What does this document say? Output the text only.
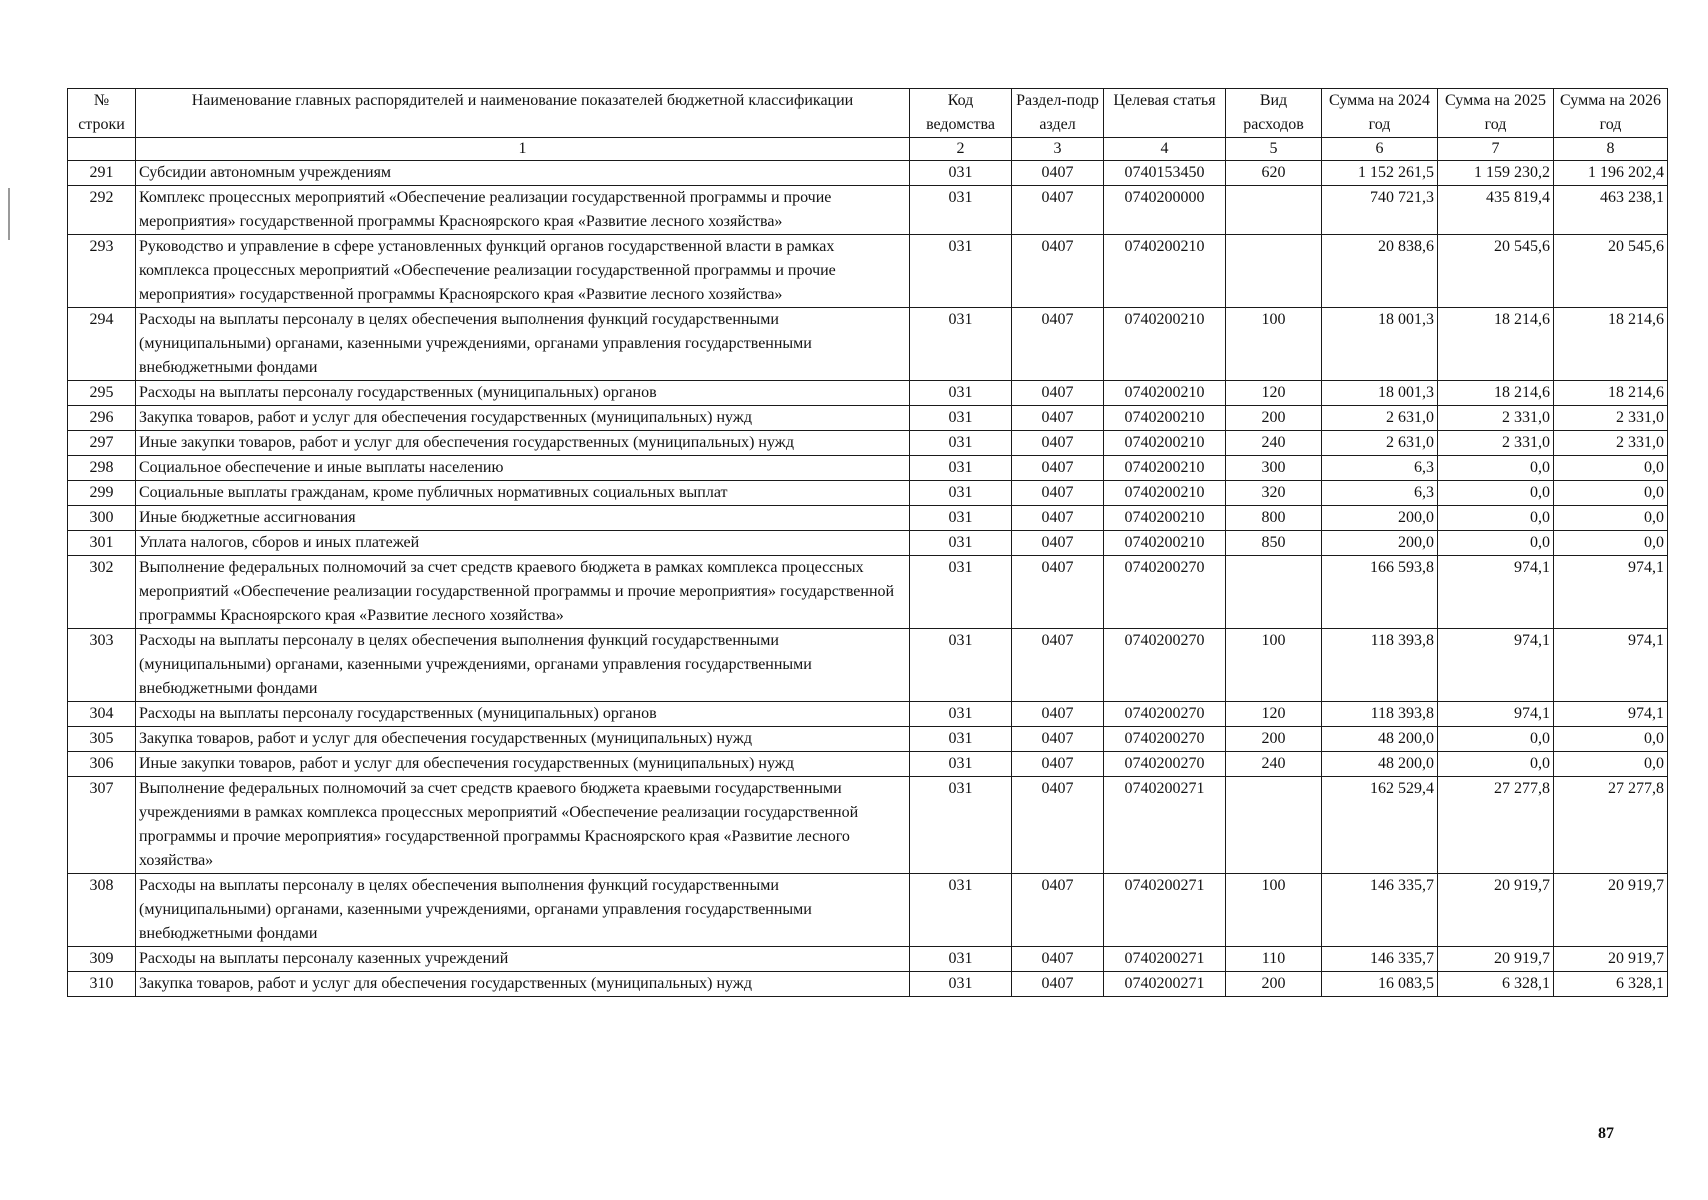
№ строки	Наименование главных распорядителей и наименование показателей бюджетной классификации	Код ведомства	Раздел-подраздел	Целевая статья	Вид расходов	Сумма на 2024 год	Сумма на 2025 год	Сумма на 2026 год
	1	2	3	4	5	6	7	8
291	Субсидии автономным учреждениям	031	0407	0740153450	620	1 152 261,5	1 159 230,2	1 196 202,4
292	Комплекс процессных мероприятий «Обеспечение реализации государственной программы и прочие мероприятия» государственной программы Красноярского края «Развитие лесного хозяйства»	031	0407	0740200000		740 721,3	435 819,4	463 238,1
293	Руководство и управление в сфере установленных функций органов государственной власти в рамках комплекса процессных мероприятий «Обеспечение реализации государственной программы и прочие мероприятия» государственной программы Красноярского края «Развитие лесного хозяйства»	031	0407	0740200210		20 838,6	20 545,6	20 545,6
294	Расходы на выплаты персоналу в целях обеспечения выполнения функций государственными (муниципальными) органами, казенными учреждениями, органами управления государственными внебюджетными фондами	031	0407	0740200210	100	18 001,3	18 214,6	18 214,6
295	Расходы на выплаты персоналу государственных (муниципальных) органов	031	0407	0740200210	120	18 001,3	18 214,6	18 214,6
296	Закупка товаров, работ и услуг для обеспечения государственных (муниципальных) нужд	031	0407	0740200210	200	2 631,0	2 331,0	2 331,0
297	Иные закупки товаров, работ и услуг для обеспечения государственных (муниципальных) нужд	031	0407	0740200210	240	2 631,0	2 331,0	2 331,0
298	Социальное обеспечение и иные выплаты населению	031	0407	0740200210	300	6,3	0,0	0,0
299	Социальные выплаты гражданам, кроме публичных нормативных социальных выплат	031	0407	0740200210	320	6,3	0,0	0,0
300	Иные бюджетные ассигнования	031	0407	0740200210	800	200,0	0,0	0,0
301	Уплата налогов, сборов и иных платежей	031	0407	0740200210	850	200,0	0,0	0,0
302	Выполнение федеральных полномочий за счет средств краевого бюджета в рамках комплекса процессных мероприятий «Обеспечение реализации государственной программы и прочие мероприятия» государственной программы Красноярского края «Развитие лесного хозяйства»	031	0407	0740200270		166 593,8	974,1	974,1
303	Расходы на выплаты персоналу в целях обеспечения выполнения функций государственными (муниципальными) органами, казенными учреждениями, органами управления государственными внебюджетными фондами	031	0407	0740200270	100	118 393,8	974,1	974,1
304	Расходы на выплаты персоналу государственных (муниципальных) органов	031	0407	0740200270	120	118 393,8	974,1	974,1
305	Закупка товаров, работ и услуг для обеспечения государственных (муниципальных) нужд	031	0407	0740200270	200	48 200,0	0,0	0,0
306	Иные закупки товаров, работ и услуг для обеспечения государственных (муниципальных) нужд	031	0407	0740200270	240	48 200,0	0,0	0,0
307	Выполнение федеральных полномочий за счет средств краевого бюджета краевыми государственными учреждениями в рамках комплекса процессных мероприятий «Обеспечение реализации государственной программы и прочие мероприятия» государственной программы Красноярского края «Развитие лесного хозяйства»	031	0407	0740200271		162 529,4	27 277,8	27 277,8
308	Расходы на выплаты персоналу в целях обеспечения выполнения функций государственными (муниципальными) органами, казенными учреждениями, органами управления государственными внебюджетными фондами	031	0407	0740200271	100	146 335,7	20 919,7	20 919,7
309	Расходы на выплаты персоналу казенных учреждений	031	0407	0740200271	110	146 335,7	20 919,7	20 919,7
310	Закупка товаров, работ и услуг для обеспечения государственных (муниципальных) нужд	031	0407	0740200271	200	16 083,5	6 328,1	6 328,1
87
